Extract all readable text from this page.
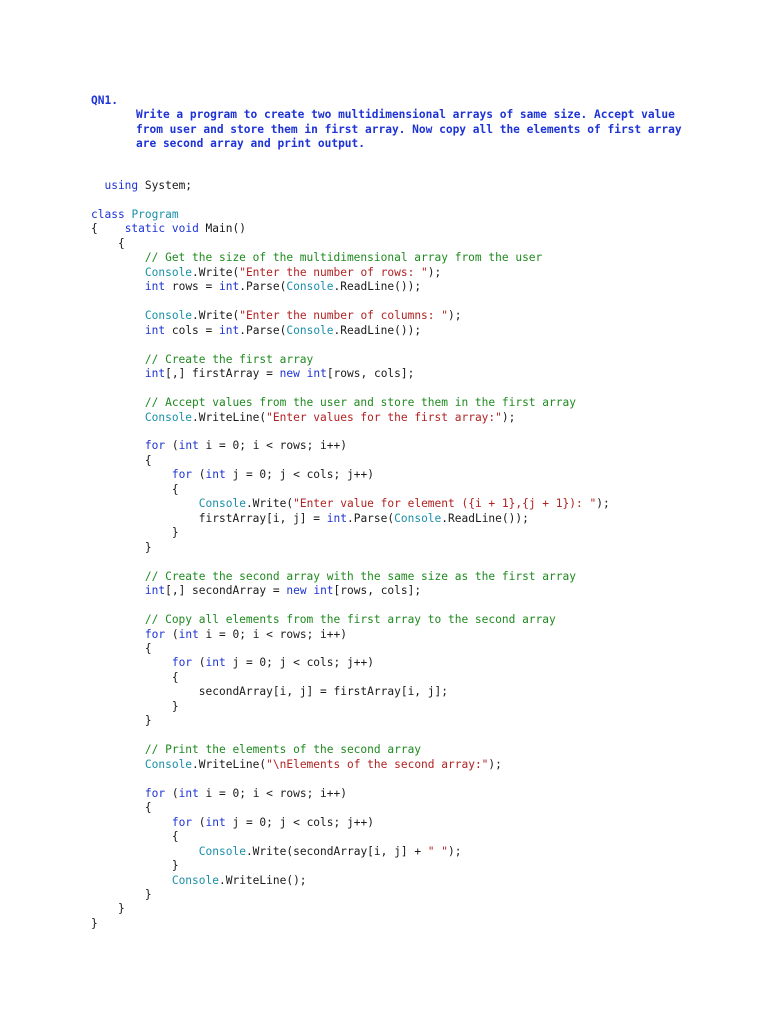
QN1.
Write a program to create two multidimensional arrays of same size. Accept value
from user and store them in first array. Now copy all the elements of first array
are second array and print output.
using System;

class Program
{    static void Main()
{
// Get the size of the multidimensional array from the user
Console.Write("Enter the number of rows: ");
int rows = int.Parse(Console.ReadLine());

Console.Write("Enter the number of columns: ");
int cols = int.Parse(Console.ReadLine());

// Create the first array
int[,] firstArray = new int[rows, cols];

// Accept values from the user and store them in the first array
Console.WriteLine("Enter values for the first array:");

for (int i = 0; i < rows; i++)
{
for (int j = 0; j < cols; j++)
{
Console.Write("Enter value for element ({i + 1},{j + 1}): ");
firstArray[i, j] = int.Parse(Console.ReadLine());
}
}

// Create the second array with the same size as the first array
int[,] secondArray = new int[rows, cols];

// Copy all elements from the first array to the second array
for (int i = 0; i < rows; i++)
{
for (int j = 0; j < cols; j++)
{
secondArray[i, j] = firstArray[i, j];
}
}

// Print the elements of the second array
Console.WriteLine("\nElements of the second array:");

for (int i = 0; i < rows; i++)
{
for (int j = 0; j < cols; j++)
{
Console.Write(secondArray[i, j] + " ");
}
Console.WriteLine();
}
}
}
